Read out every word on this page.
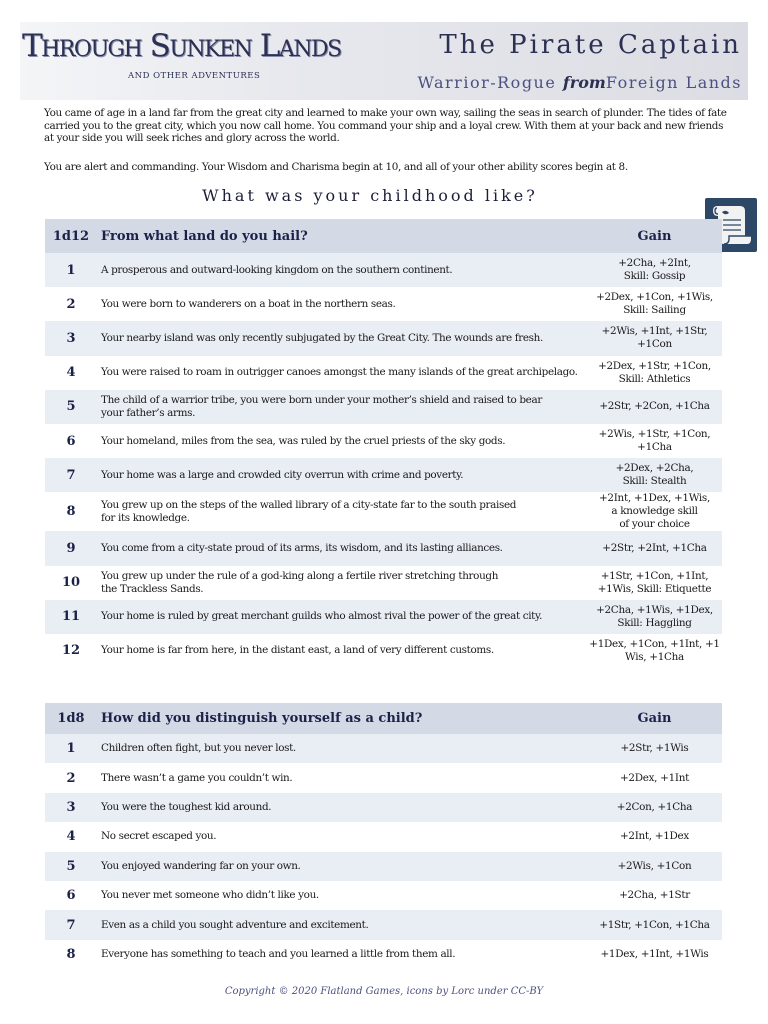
Through Sunken Lands
AND OTHER ADVENTURES
The Pirate Captain
Warrior-Rogue fromForeign Lands

You came of age in a land far from the great city and learned to make your own way, sailing the seas in search of plunder. The tides of fate carried you to the great city, which you now call home. You command your ship and a loyal crew. With them at your back and new friends at your side you will seek riches and glory across the world.

You are alert and commanding. Your Wisdom and Charisma begin at 10, and all of your other ability scores begin at 8.

What was your childhood like?
1d12	From what land do you hail?	Gain
1	A prosperous and outward-looking kingdom on the southern continent.	+2Cha, +2Int,
Skill: Gossip
2	You were born to wanderers on a boat in the northern seas.	+2Dex, +1Con, +1Wis,
Skill: Sailing
3	Your nearby island was only recently subjugated by the Great City. The wounds are fresh.	+2Wis, +1Int, +1Str,
+1Con
4	You were raised to roam in outrigger canoes amongst the many islands of the great archipelago.	+2Dex, +1Str, +1Con,
Skill: Athletics
5	The child of a warrior tribe, you were born under your mother’s shield and raised to bear
your father’s arms.	+2Str, +2Con, +1Cha
6	Your homeland, miles from the sea, was ruled by the cruel priests of the sky gods.	+2Wis, +1Str, +1Con,
+1Cha
7	Your home was a large and crowded city overrun with crime and poverty.	+2Dex, +2Cha,
Skill: Stealth
8	You grew up on the steps of the walled library of a city-state far to the south praised
for its knowledge.	+2Int, +1Dex, +1Wis,
a knowledge skill
of your choice
9	You come from a city-state proud of its arms, its wisdom, and its lasting alliances.	+2Str, +2Int, +1Cha
10	You grew up under the rule of a god-king along a fertile river stretching through
the Trackless Sands.	+1Str, +1Con, +1Int,
+1Wis, Skill: Etiquette
11	Your home is ruled by great merchant guilds who almost rival the power of the great city.	+2Cha, +1Wis, +1Dex,
Skill: Haggling
12	Your home is far from here, in the distant east, a land of very different customs.	+1Dex, +1Con, +1Int, +1
Wis, +1Cha
1d8	How did you distinguish yourself as a child?	Gain
1	Children often fight, but you never lost.	+2Str, +1Wis
2	There wasn’t a game you couldn’t win.	+2Dex, +1Int
3	You were the toughest kid around.	+2Con, +1Cha
4	No secret escaped you.	+2Int, +1Dex
5	You enjoyed wandering far on your own.	+2Wis, +1Con
6	You never met someone who didn’t like you.	+2Cha, +1Str
7	Even as a child you sought adventure and excitement.	+1Str, +1Con, +1Cha
8	Everyone has something to teach and you learned a little from them all.	+1Dex, +1Int, +1Wis
Copyright © 2020 Flatland Games, icons by Lorc under CC-BY
